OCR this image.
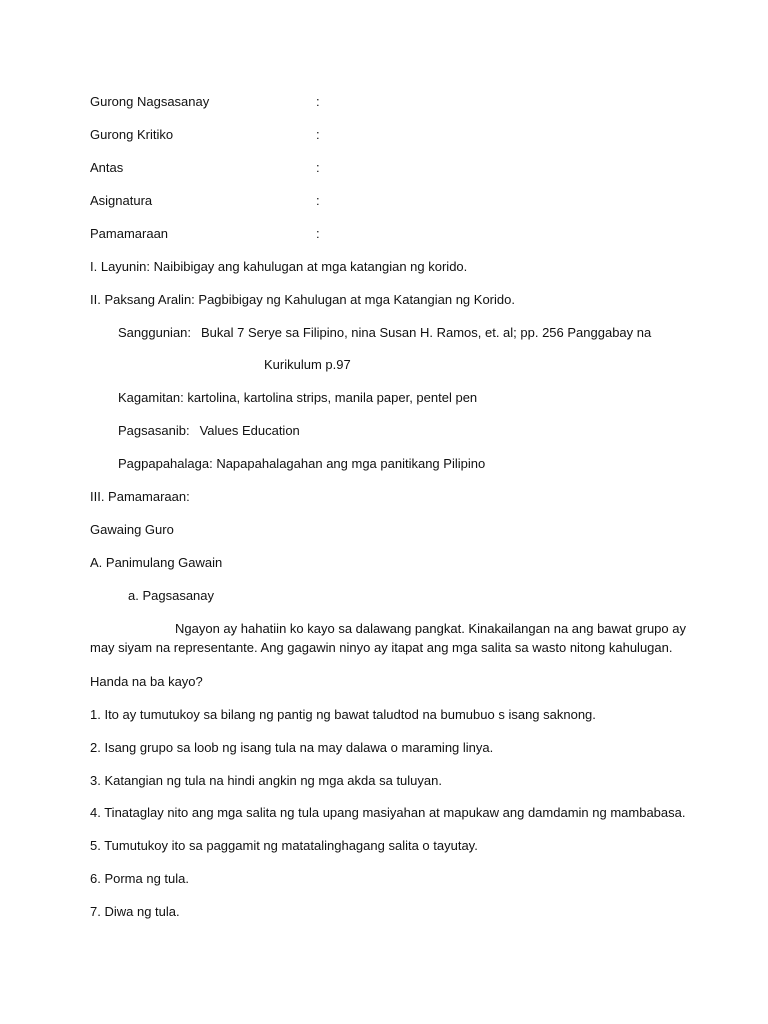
Gurong Nagsasanay	:
Gurong Kritiko	:
Antas	:
Asignatura	:
Pamamaraan	:
I. Layunin: Naibibigay ang kahulugan at mga katangian ng korido.
II. Paksang Aralin: Pagbibigay ng Kahulugan at mga Katangian ng Korido.
Sanggunian: Bukal 7 Serye sa Filipino, nina Susan H. Ramos, et. al; pp. 256 Panggabay na
Kurikulum p.97
Kagamitan: kartolina, kartolina strips, manila paper, pentel pen
Pagsasanib: Values Education
Pagpapahalaga: Napapahalagahan ang mga panitikang Pilipino
III. Pamamaraan:
Gawaing Guro
A. Panimulang Gawain
a. Pagsasanay
Ngayon ay hahatiin ko kayo sa dalawang pangkat. Kinakailangan na ang bawat grupo ay
may siyam na representante. Ang gagawin ninyo ay itapat ang mga salita sa wasto nitong kahulugan.
Handa na ba kayo?
1. Ito ay tumutukoy sa bilang ng pantig ng bawat taludtod na bumubuo s isang saknong.
2. Isang grupo sa loob ng isang tula na may dalawa o maraming linya.
3. Katangian ng tula na hindi angkin ng mga akda sa tuluyan.
4. Tinataglay nito ang mga salita ng tula upang masiyahan at mapukaw ang damdamin ng mambabasa.
5. Tumutukoy ito sa paggamit ng matatalinghagang salita o tayutay.
6. Porma ng tula.
7. Diwa ng tula.
